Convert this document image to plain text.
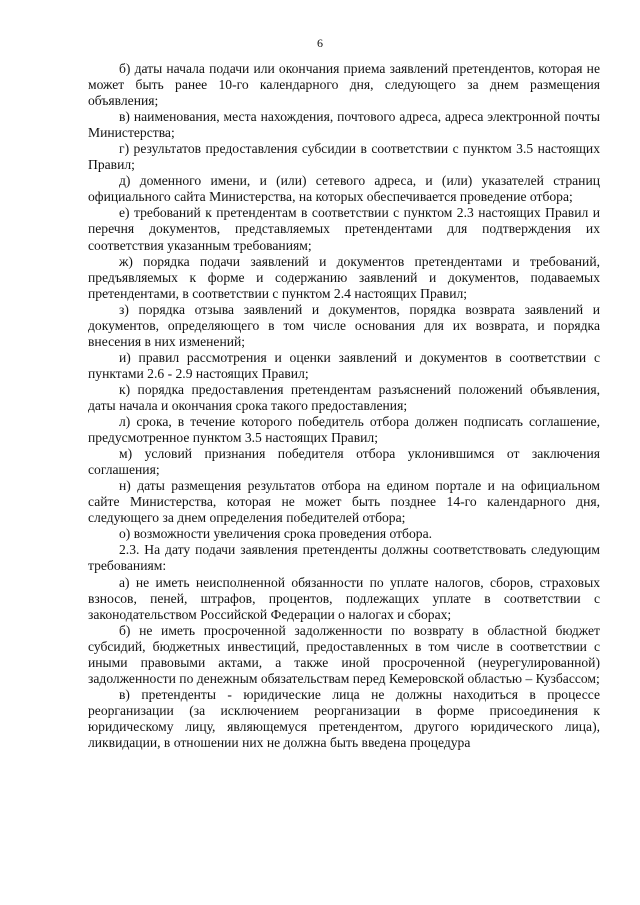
6

б) даты начала подачи или окончания приема заявлений претендентов, которая не может быть ранее 10-го календарного дня, следующего за днем размещения объявления;

в) наименования, места нахождения, почтового адреса, адреса электронной почты Министерства;

г) результатов предоставления субсидии в соответствии с пунктом 3.5 настоящих Правил;

д) доменного имени, и (или) сетевого адреса, и (или) указателей страниц официального сайта Министерства, на которых обеспечивается проведение отбора;

е) требований к претендентам в соответствии с пунктом 2.3 настоящих Правил и перечня документов, представляемых претендентами для подтверждения их соответствия указанным требованиям;

ж) порядка подачи заявлений и документов претендентами и требований, предъявляемых к форме и содержанию заявлений и документов, подаваемых претендентами, в соответствии с пунктом 2.4 настоящих Правил;

з) порядка отзыва заявлений и документов, порядка возврата заявлений и документов, определяющего в том числе основания для их возврата, и порядка внесения в них изменений;

и) правил рассмотрения и оценки заявлений и документов в соответствии с пунктами 2.6 - 2.9 настоящих Правил;

к) порядка предоставления претендентам разъяснений положений объявления, даты начала и окончания срока такого предоставления;

л) срока, в течение которого победитель отбора должен подписать соглашение, предусмотренное пунктом 3.5 настоящих Правил;

м) условий признания победителя отбора уклонившимся от заключения соглашения;

н) даты размещения результатов отбора на едином портале и на официальном сайте Министерства, которая не может быть позднее 14-го календарного дня, следующего за днем определения победителей отбора;

о) возможности увеличения срока проведения отбора.

2.3. На дату подачи заявления претенденты должны соответствовать следующим требованиям:

а) не иметь неисполненной обязанности по уплате налогов, сборов, страховых взносов, пеней, штрафов, процентов, подлежащих уплате в соответствии с законодательством Российской Федерации о налогах и сборах;

б) не иметь просроченной задолженности по возврату в областной бюджет субсидий, бюджетных инвестиций, предоставленных в том числе в соответствии с иными правовыми актами, а также иной просроченной (неурегулированной) задолженности по денежным обязательствам перед Кемеровской областью – Кузбассом;

в) претенденты - юридические лица не должны находиться в процессе реорганизации (за исключением реорганизации в форме присоединения к юридическому лицу, являющемуся претендентом, другого юридического лица), ликвидации, в отношении них не должна быть введена процедура
